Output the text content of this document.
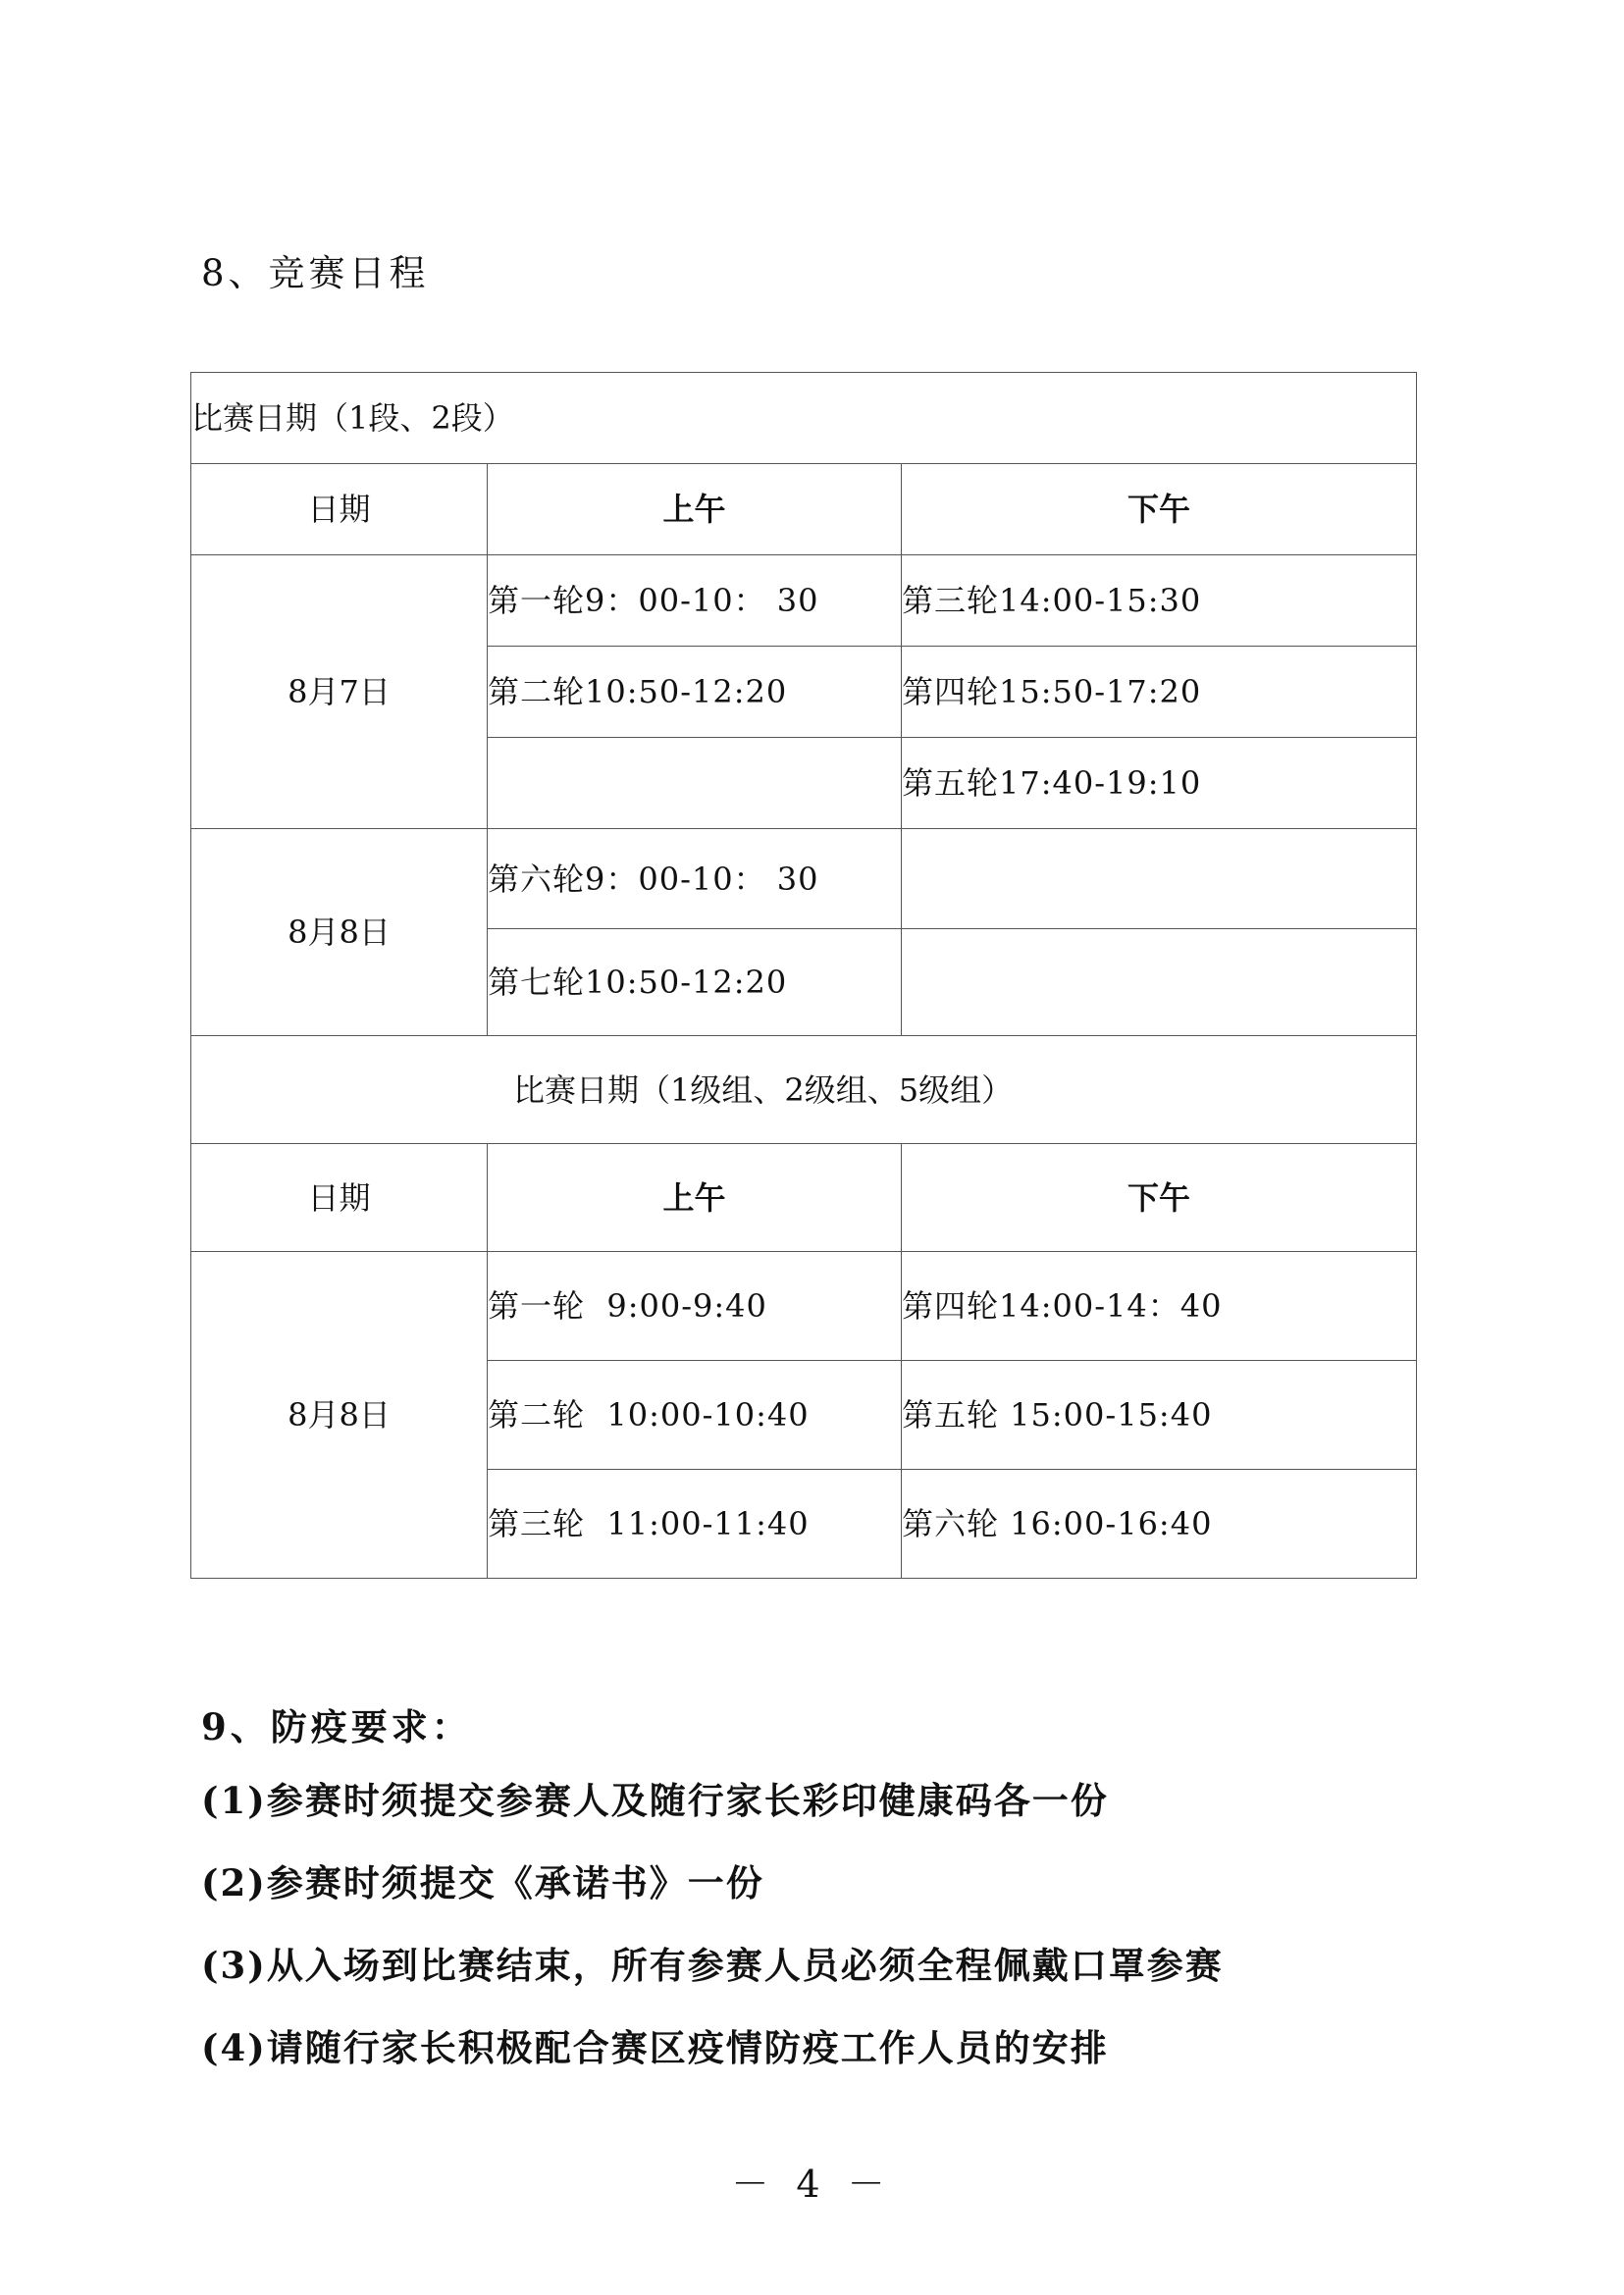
8、竞赛日程
比赛日期（1段、2段）		
日期	上午	下午
8月7日	第一轮9：00-10： 30	第三轮14:00-15:30
	第二轮10:50-12:20	第四轮15:50-17:20
		第五轮17:40-19:10
8月8日	第六轮9：00-10： 30	
	第七轮10:50-12:20	
比赛日期（1级组、2级组、5级组）		
日期	上午	下午
8月8日	第一轮  9:00-9:40	第四轮14:00-14：40
	第二轮  10:00-10:40	第五轮 15:00-15:40
	第三轮  11:00-11:40	第六轮 16:00-16:40
9、防疫要求：
(1)参赛时须提交参赛人及随行家长彩印健康码各一份
(2)参赛时须提交《承诺书》一份
(3)从入场到比赛结束，所有参赛人员必须全程佩戴口罩参赛
(4)请随行家长积极配合赛区疫情防疫工作人员的安排
－ 4 －
